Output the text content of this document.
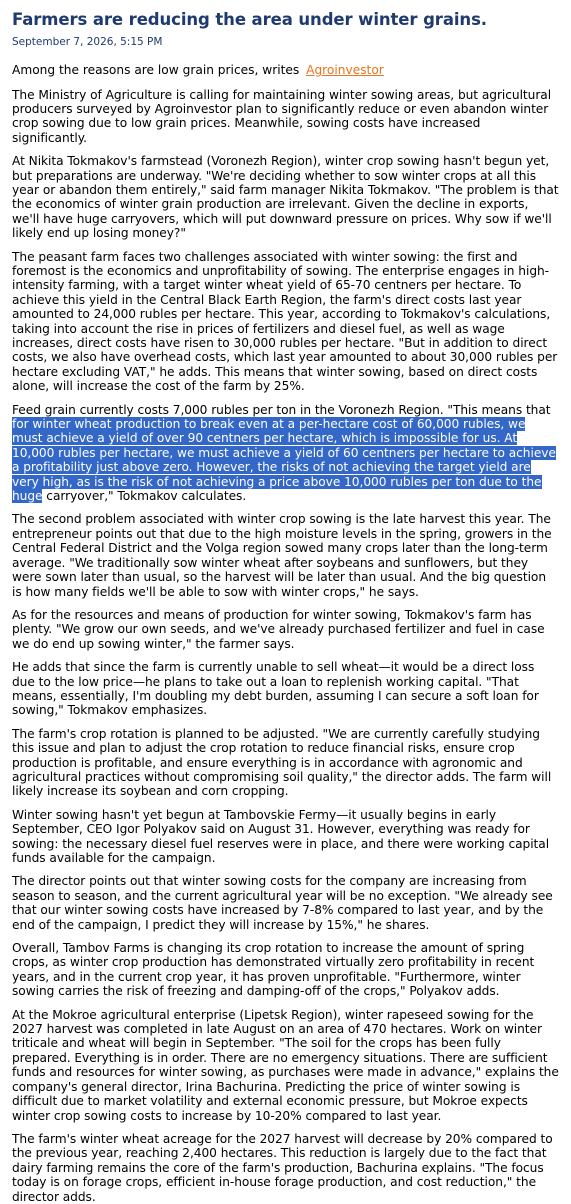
Farmers are reducing the area under winter grains.
September 7, 2026, 5:15 PM
Among the reasons are low grain prices, writes Agroinvestor

The Ministry of Agriculture is calling for maintaining winter sowing areas, but agricultural producers surveyed by Agroinvestor plan to significantly reduce or even abandon winter crop sowing due to low grain prices. Meanwhile, sowing costs have increased significantly.

At Nikita Tokmakov's farmstead (Voronezh Region), winter crop sowing hasn't begun yet, but preparations are underway. "We're deciding whether to sow winter crops at all this year or abandon them entirely," said farm manager Nikita Tokmakov. "The problem is that the economics of winter grain production are irrelevant. Given the decline in exports, we'll have huge carryovers, which will put downward pressure on prices. Why sow if we'll likely end up losing money?"

The peasant farm faces two challenges associated with winter sowing: the first and foremost is the economics and unprofitability of sowing. The enterprise engages in high-intensity farming, with a target winter wheat yield of 65-70 centners per hectare. To achieve this yield in the Central Black Earth Region, the farm's direct costs last year amounted to 24,000 rubles per hectare. This year, according to Tokmakov's calculations, taking into account the rise in prices of fertilizers and diesel fuel, as well as wage increases, direct costs have risen to 30,000 rubles per hectare. "But in addition to direct costs, we also have overhead costs, which last year amounted to about 30,000 rubles per hectare excluding VAT," he adds. This means that winter sowing, based on direct costs alone, will increase the cost of the farm by 25%.

Feed grain currently costs 7,000 rubles per ton in the Voronezh Region. "This means that for winter wheat production to break even at a per-hectare cost of 60,000 rubles, we must achieve a yield of over 90 centners per hectare, which is impossible for us. At 10,000 rubles per hectare, we must achieve a yield of 60 centners per hectare to achieve a profitability just above zero. However, the risks of not achieving the target yield are very high, as is the risk of not achieving a price above 10,000 rubles per ton due to the huge carryover," Tokmakov calculates.

The second problem associated with winter crop sowing is the late harvest this year. The entrepreneur points out that due to the high moisture levels in the spring, growers in the Central Federal District and the Volga region sowed many crops later than the long-term average. "We traditionally sow winter wheat after soybeans and sunflowers, but they were sown later than usual, so the harvest will be later than usual. And the big question is how many fields we'll be able to sow with winter crops," he says.

As for the resources and means of production for winter sowing, Tokmakov's farm has plenty. "We grow our own seeds, and we've already purchased fertilizer and fuel in case we do end up sowing winter," the farmer says.

He adds that since the farm is currently unable to sell wheat—it would be a direct loss due to the low price—he plans to take out a loan to replenish working capital. "That means, essentially, I'm doubling my debt burden, assuming I can secure a soft loan for sowing," Tokmakov emphasizes.

The farm's crop rotation is planned to be adjusted. "We are currently carefully studying this issue and plan to adjust the crop rotation to reduce financial risks, ensure crop production is profitable, and ensure everything is in accordance with agronomic and agricultural practices without compromising soil quality," the director adds. The farm will likely increase its soybean and corn cropping.

Winter sowing hasn't yet begun at Tambovskie Fermy—it usually begins in early September, CEO Igor Polyakov said on August 31. However, everything was ready for sowing: the necessary diesel fuel reserves were in place, and there were working capital funds available for the campaign.

The director points out that winter sowing costs for the company are increasing from season to season, and the current agricultural year will be no exception. "We already see that our winter sowing costs have increased by 7-8% compared to last year, and by the end of the campaign, I predict they will increase by 15%," he shares.

Overall, Tambov Farms is changing its crop rotation to increase the amount of spring crops, as winter crop production has demonstrated virtually zero profitability in recent years, and in the current crop year, it has proven unprofitable. "Furthermore, winter sowing carries the risk of freezing and damping-off of the crops," Polyakov adds.

At the Mokroe agricultural enterprise (Lipetsk Region), winter rapeseed sowing for the 2027 harvest was completed in late August on an area of 470 hectares. Work on winter triticale and wheat will begin in September. "The soil for the crops has been fully prepared. Everything is in order. There are no emergency situations. There are sufficient funds and resources for winter sowing, as purchases were made in advance," explains the company's general director, Irina Bachurina. Predicting the price of winter sowing is difficult due to market volatility and external economic pressure, but Mokroe expects winter crop sowing costs to increase by 10-20% compared to last year.

The farm's winter wheat acreage for the 2027 harvest will decrease by 20% compared to the previous year, reaching 2,400 hectares. This reduction is largely due to the fact that dairy farming remains the core of the farm's production, Bachurina explains. "The focus today is on forage crops, efficient in-house forage production, and cost reduction," the director adds.
